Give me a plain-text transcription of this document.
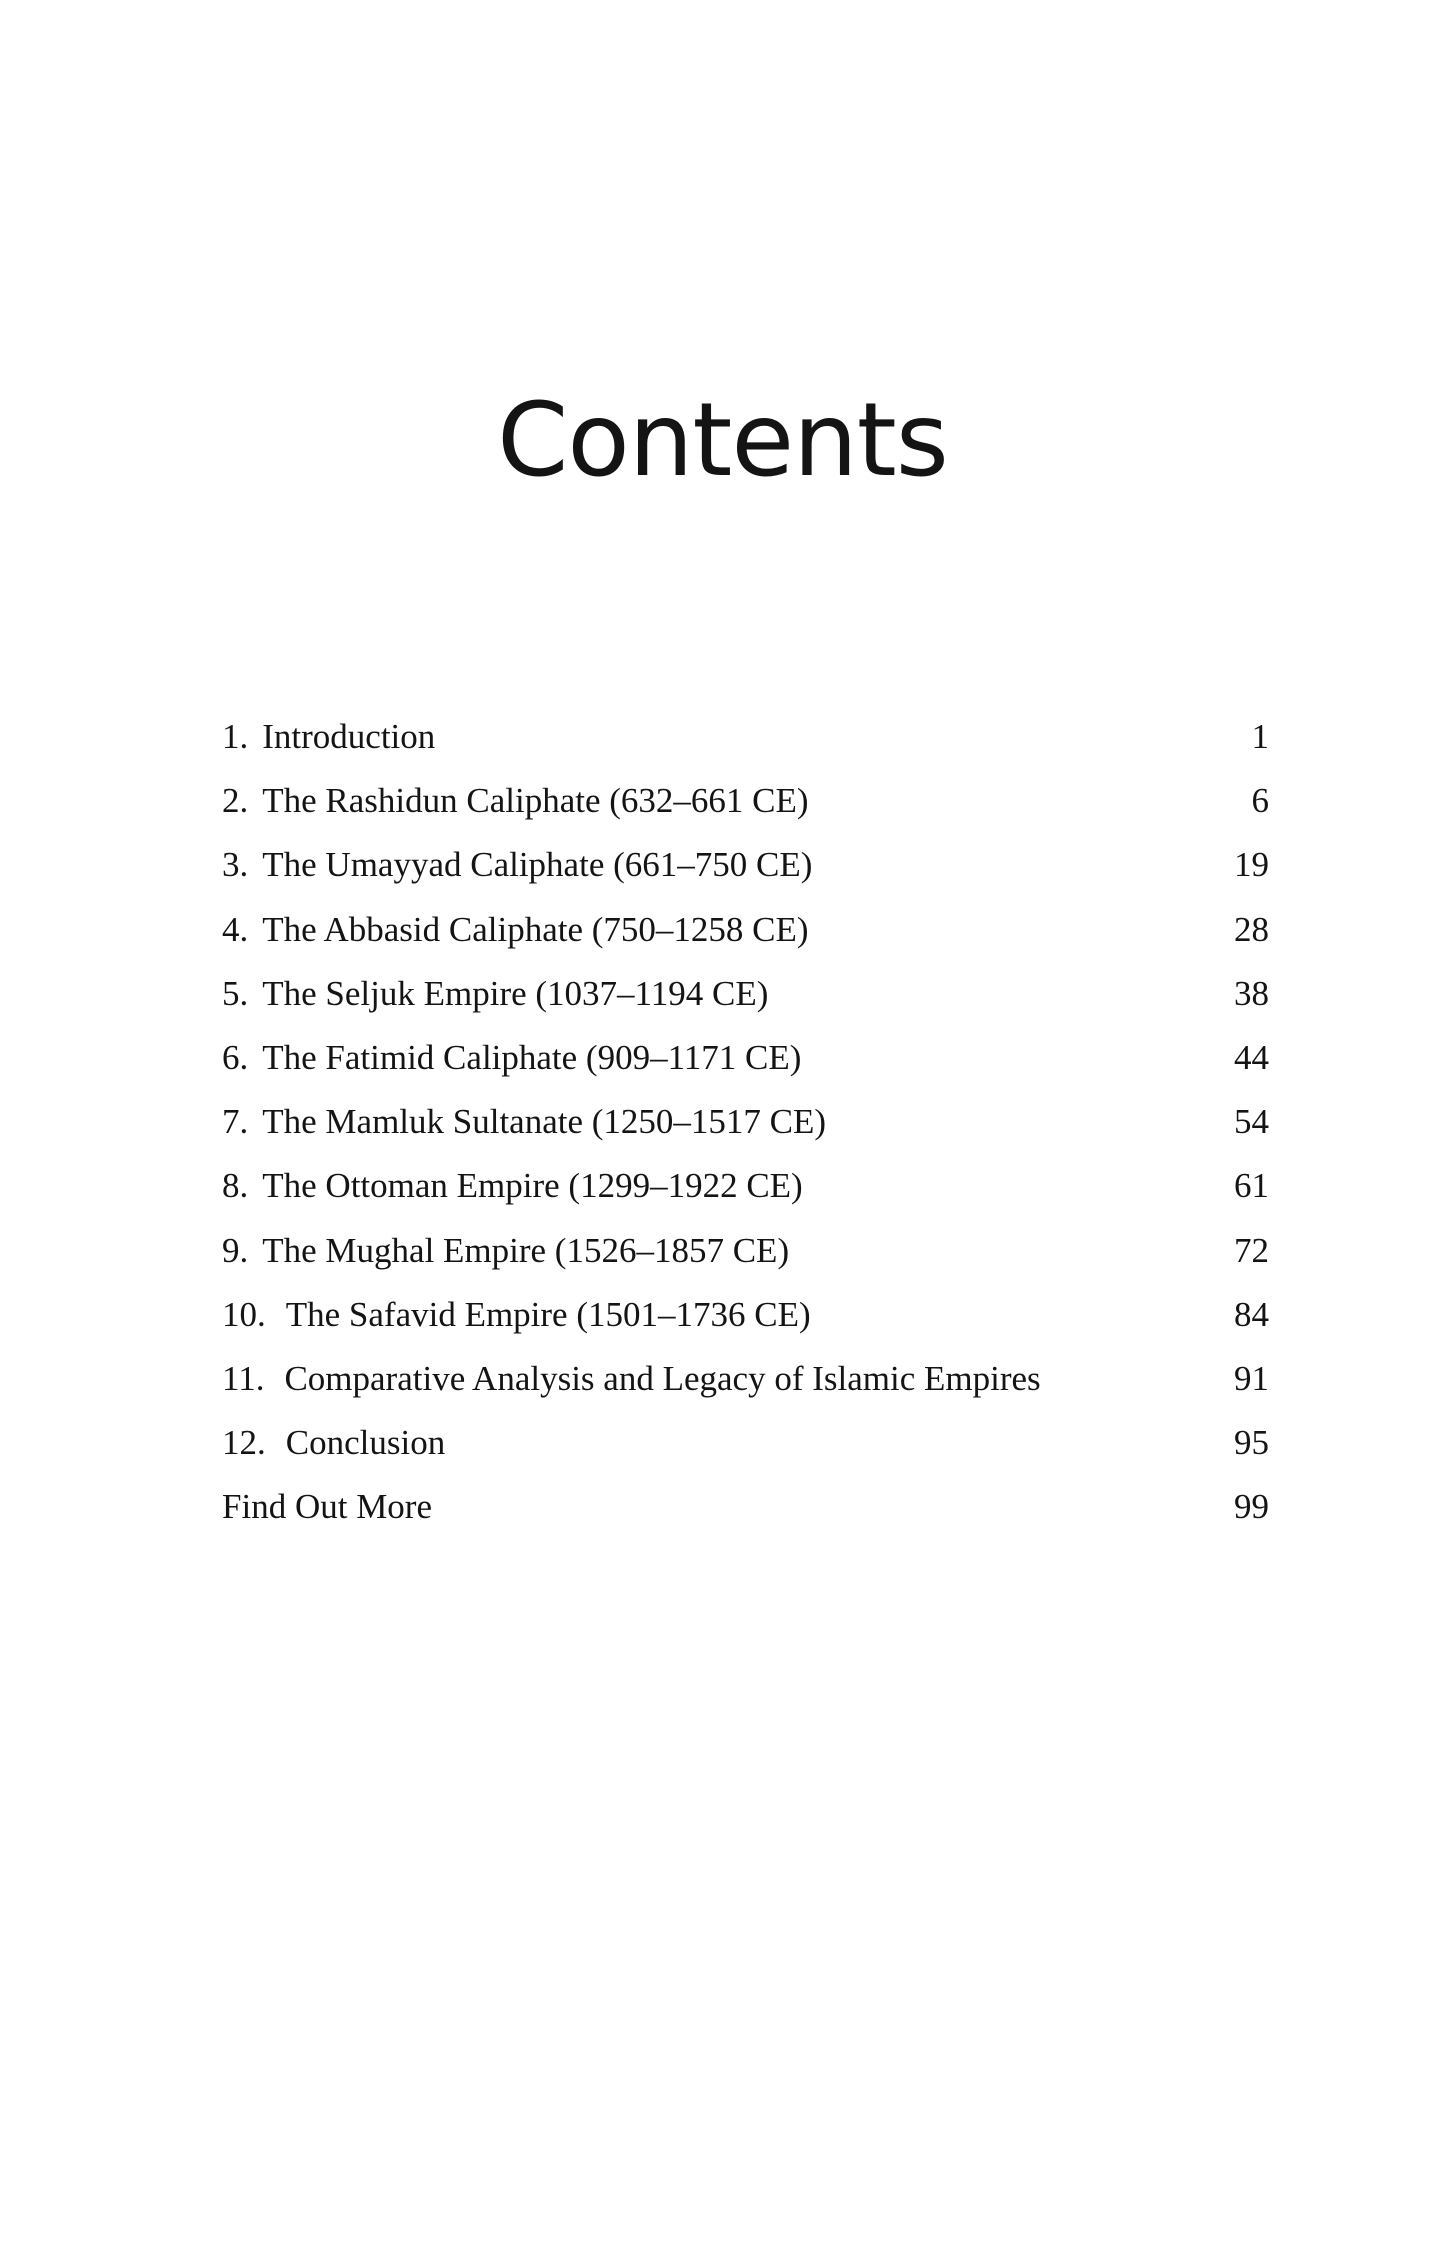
Contents
1. Introduction	1
2. The Rashidun Caliphate (632–661 CE)	6
3. The Umayyad Caliphate (661–750 CE)	19
4. The Abbasid Caliphate (750–1258 CE)	28
5. The Seljuk Empire (1037–1194 CE)	38
6. The Fatimid Caliphate (909–1171 CE)	44
7. The Mamluk Sultanate (1250–1517 CE)	54
8. The Ottoman Empire (1299–1922 CE)	61
9. The Mughal Empire (1526–1857 CE)	72
10. The Safavid Empire (1501–1736 CE)	84
11. Comparative Analysis and Legacy of Islamic Empires	91
12. Conclusion	95
Find Out More	99
